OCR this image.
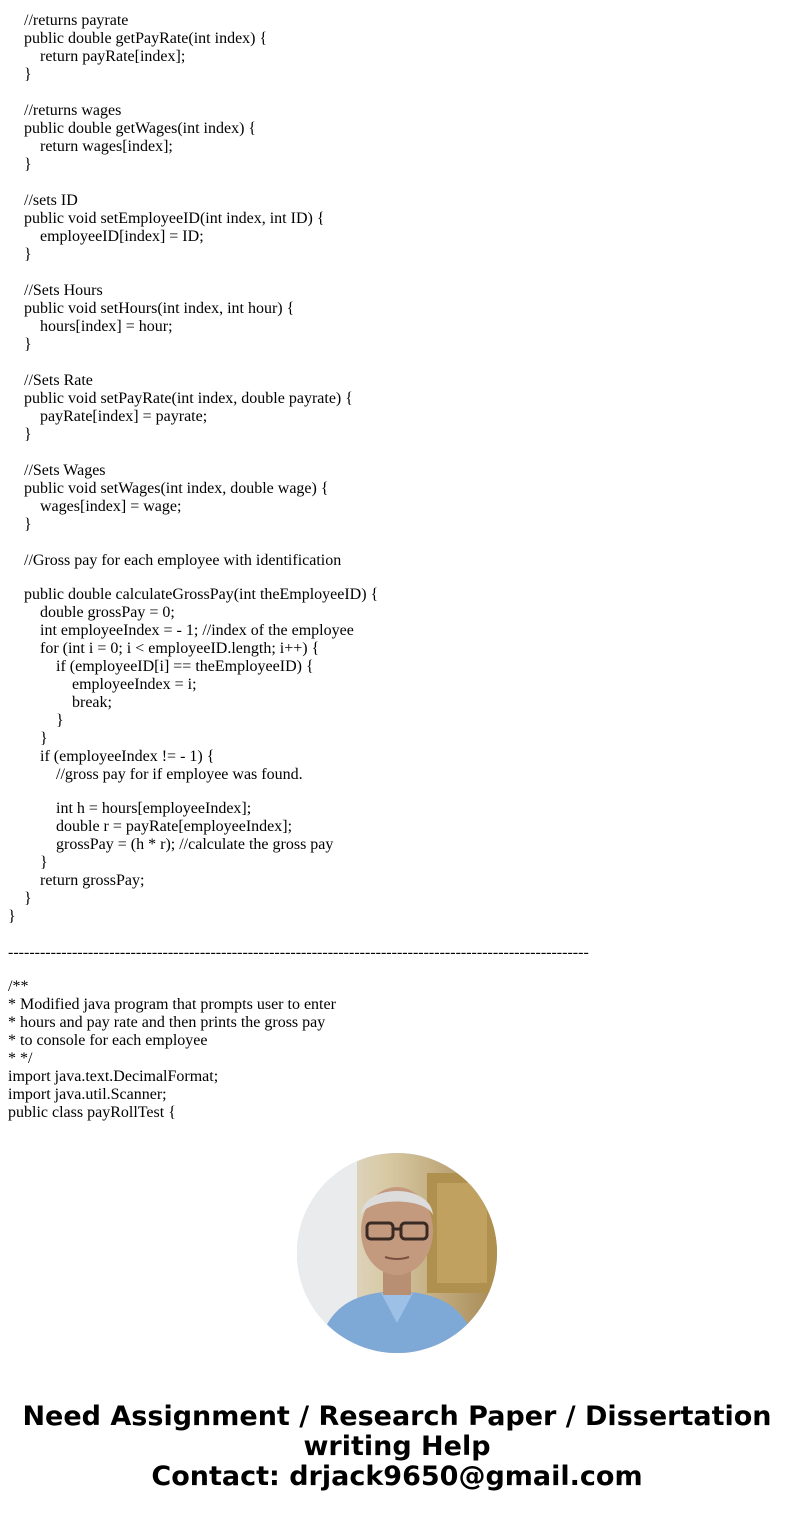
//returns payrate
public double getPayRate(int index) {
return payRate[index];
}
//returns wages
public double getWages(int index) {
return wages[index];
}
//sets ID
public void setEmployeeID(int index, int ID) {
employeeID[index] = ID;
}
//Sets Hours
public void setHours(int index, int hour) {
hours[index] = hour;
}
//Sets Rate
public void setPayRate(int index, double payrate) {
payRate[index] = payrate;
}
//Sets Wages
public void setWages(int index, double wage) {
wages[index] = wage;
}
//Gross pay for each employee with identification
public double calculateGrossPay(int theEmployeeID) {
double grossPay = 0;
int employeeIndex = - 1; //index of the employee
for (int i = 0; i < employeeID.length; i++) {
if (employeeID[i] == theEmployeeID) {
employeeIndex = i;
break;
}
}
if (employeeIndex != - 1) {
//gross pay for if employee was found.
int h = hours[employeeIndex];
double r = payRate[employeeIndex];
grossPay = (h * r); //calculate the gross pay
}
return grossPay;
}
}
-------------------------------------------------------------------------------------------------------------
/**
* Modified java program that prompts user to enter
* hours and pay rate and then prints the gross pay
* to console for each employee
* */
import java.text.DecimalFormat;
import java.util.Scanner;
public class payRollTest {
Need Assignment / Research Paper / Dissertation
writing Help
Contact: drjack9650@gmail.com
